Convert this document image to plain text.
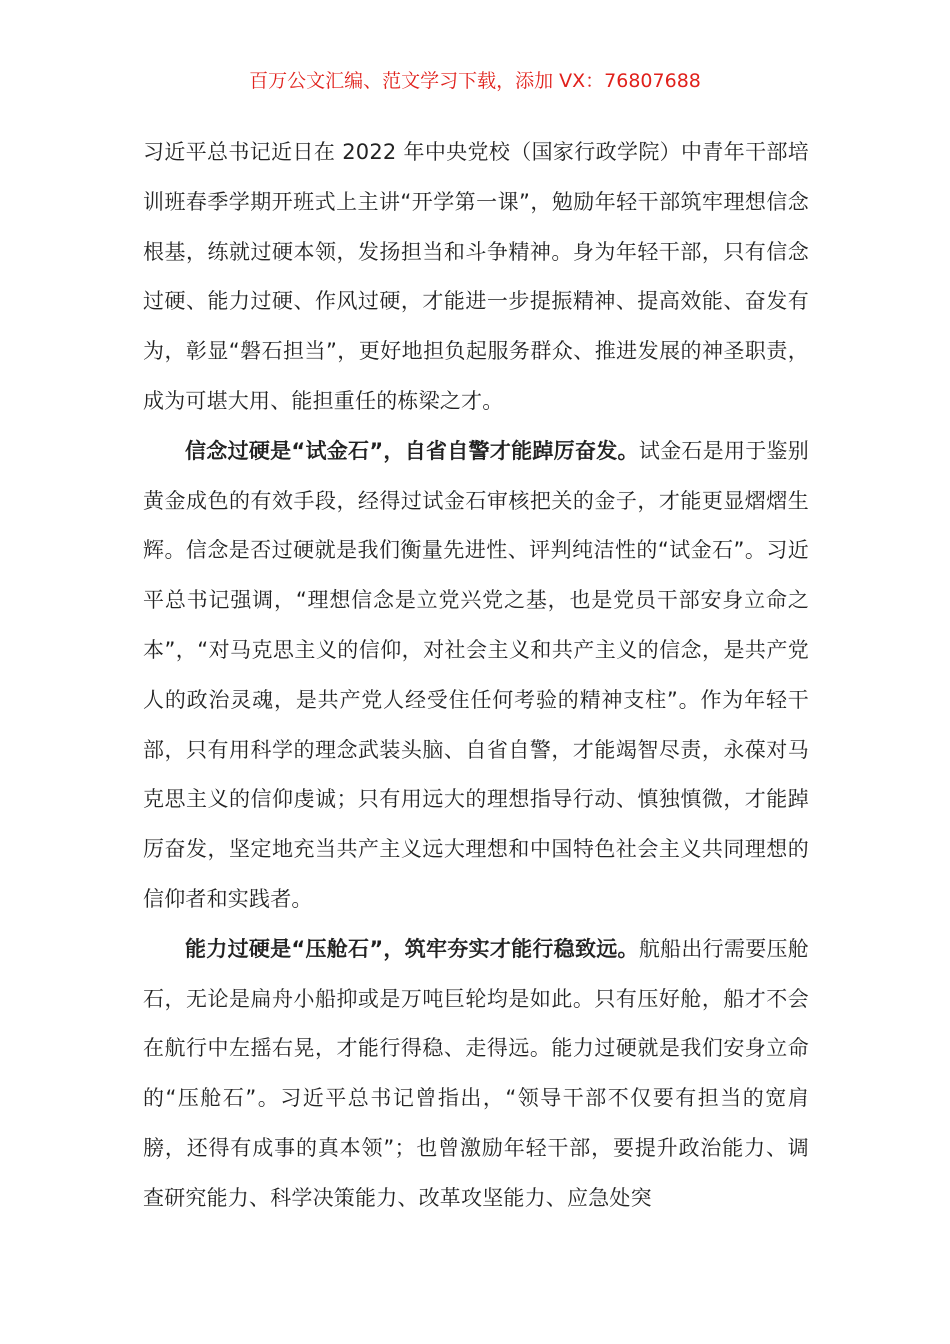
百万公文汇编、范文学习下载，添加 VX：76807688

习近平总书记近日在 2022 年中央党校（国家行政学院）中青年干部培训班春季学期开班式上主讲“开学第一课”，勉励年轻干部筑牢理想信念根基，练就过硬本领，发扬担当和斗争精神。身为年轻干部，只有信念过硬、能力过硬、作风过硬，才能进一步提振精神、提高效能、奋发有为，彰显“磐石担当”，更好地担负起服务群众、推进发展的神圣职责，成为可堪大用、能担重任的栋梁之才。

信念过硬是“试金石”，自省自警才能踔厉奋发。试金石是用于鉴别黄金成色的有效手段，经得过试金石审核把关的金子，才能更显熠熠生辉。信念是否过硬就是我们衡量先进性、评判纯洁性的“试金石”。习近平总书记强调，“理想信念是立党兴党之基，也是党员干部安身立命之本”，“对马克思主义的信仰，对社会主义和共产主义的信念，是共产党人的政治灵魂，是共产党人经受住任何考验的精神支柱”。作为年轻干部，只有用科学的理念武装头脑、自省自警，才能竭智尽责，永葆对马克思主义的信仰虔诚；只有用远大的理想指导行动、慎独慎微，才能踔厉奋发，坚定地充当共产主义远大理想和中国特色社会主义共同理想的信仰者和实践者。

能力过硬是“压舱石”，筑牢夯实才能行稳致远。航船出行需要压舱石，无论是扁舟小船抑或是万吨巨轮均是如此。只有压好舱，船才不会在航行中左摇右晃，才能行得稳、走得远。能力过硬就是我们安身立命的“压舱石”。习近平总书记曾指出，“领导干部不仅要有担当的宽肩膀，还得有成事的真本领”；也曾激励年轻干部，要提升政治能力、调查研究能力、科学决策能力、改革攻坚能力、应急处突
